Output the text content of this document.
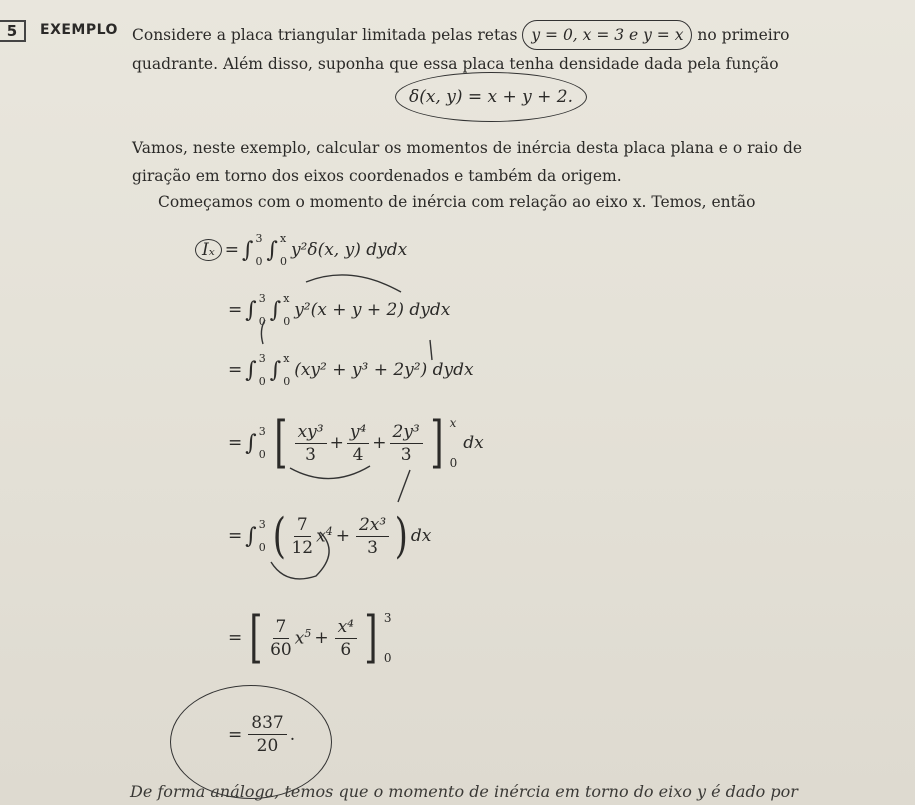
5	EXEMPLO Considere a placa triangular limitada pelas retas y = 0, x = 3 e y = x no primeiro quadrante. Além disso, suponha que essa placa tenha densidade dada pela função
δ(x, y) = x + y + 2.
Vamos, neste exemplo, calcular os momentos de inércia desta placa plana e o raio de giração em torno dos eixos coordenados e também da origem.
Começamos com o momento de inércia com relação ao eixo x. Temos, então
Iₓ = ∫ 3
0 ∫ x
0
y²δ(x, y) dydx
= ∫ 3
0 ∫ x
0
y²(x + y + 2) dydx
= ∫ 3
0 ∫ x
0
(xy² + y³ + 2y²) dydx
= ∫ 3
0 [ $\frac{\text{xy³}}{3} + \frac{\text{y⁴}}{4} + \frac{\text{2y³}}{3}$ ] x
0
dx
= ∫ 3
0 ( $\frac{7}{12} x^4 + \frac{\text{2x³}}{3}$ ) dx
= [ $\frac{7}{60} x^5 + \frac{\text{x⁴}}{6}$ ] 3
0
= $\frac{837}{20}$ .
De forma análoga, temos que o momento de inércia em torno do eixo y é dado por
